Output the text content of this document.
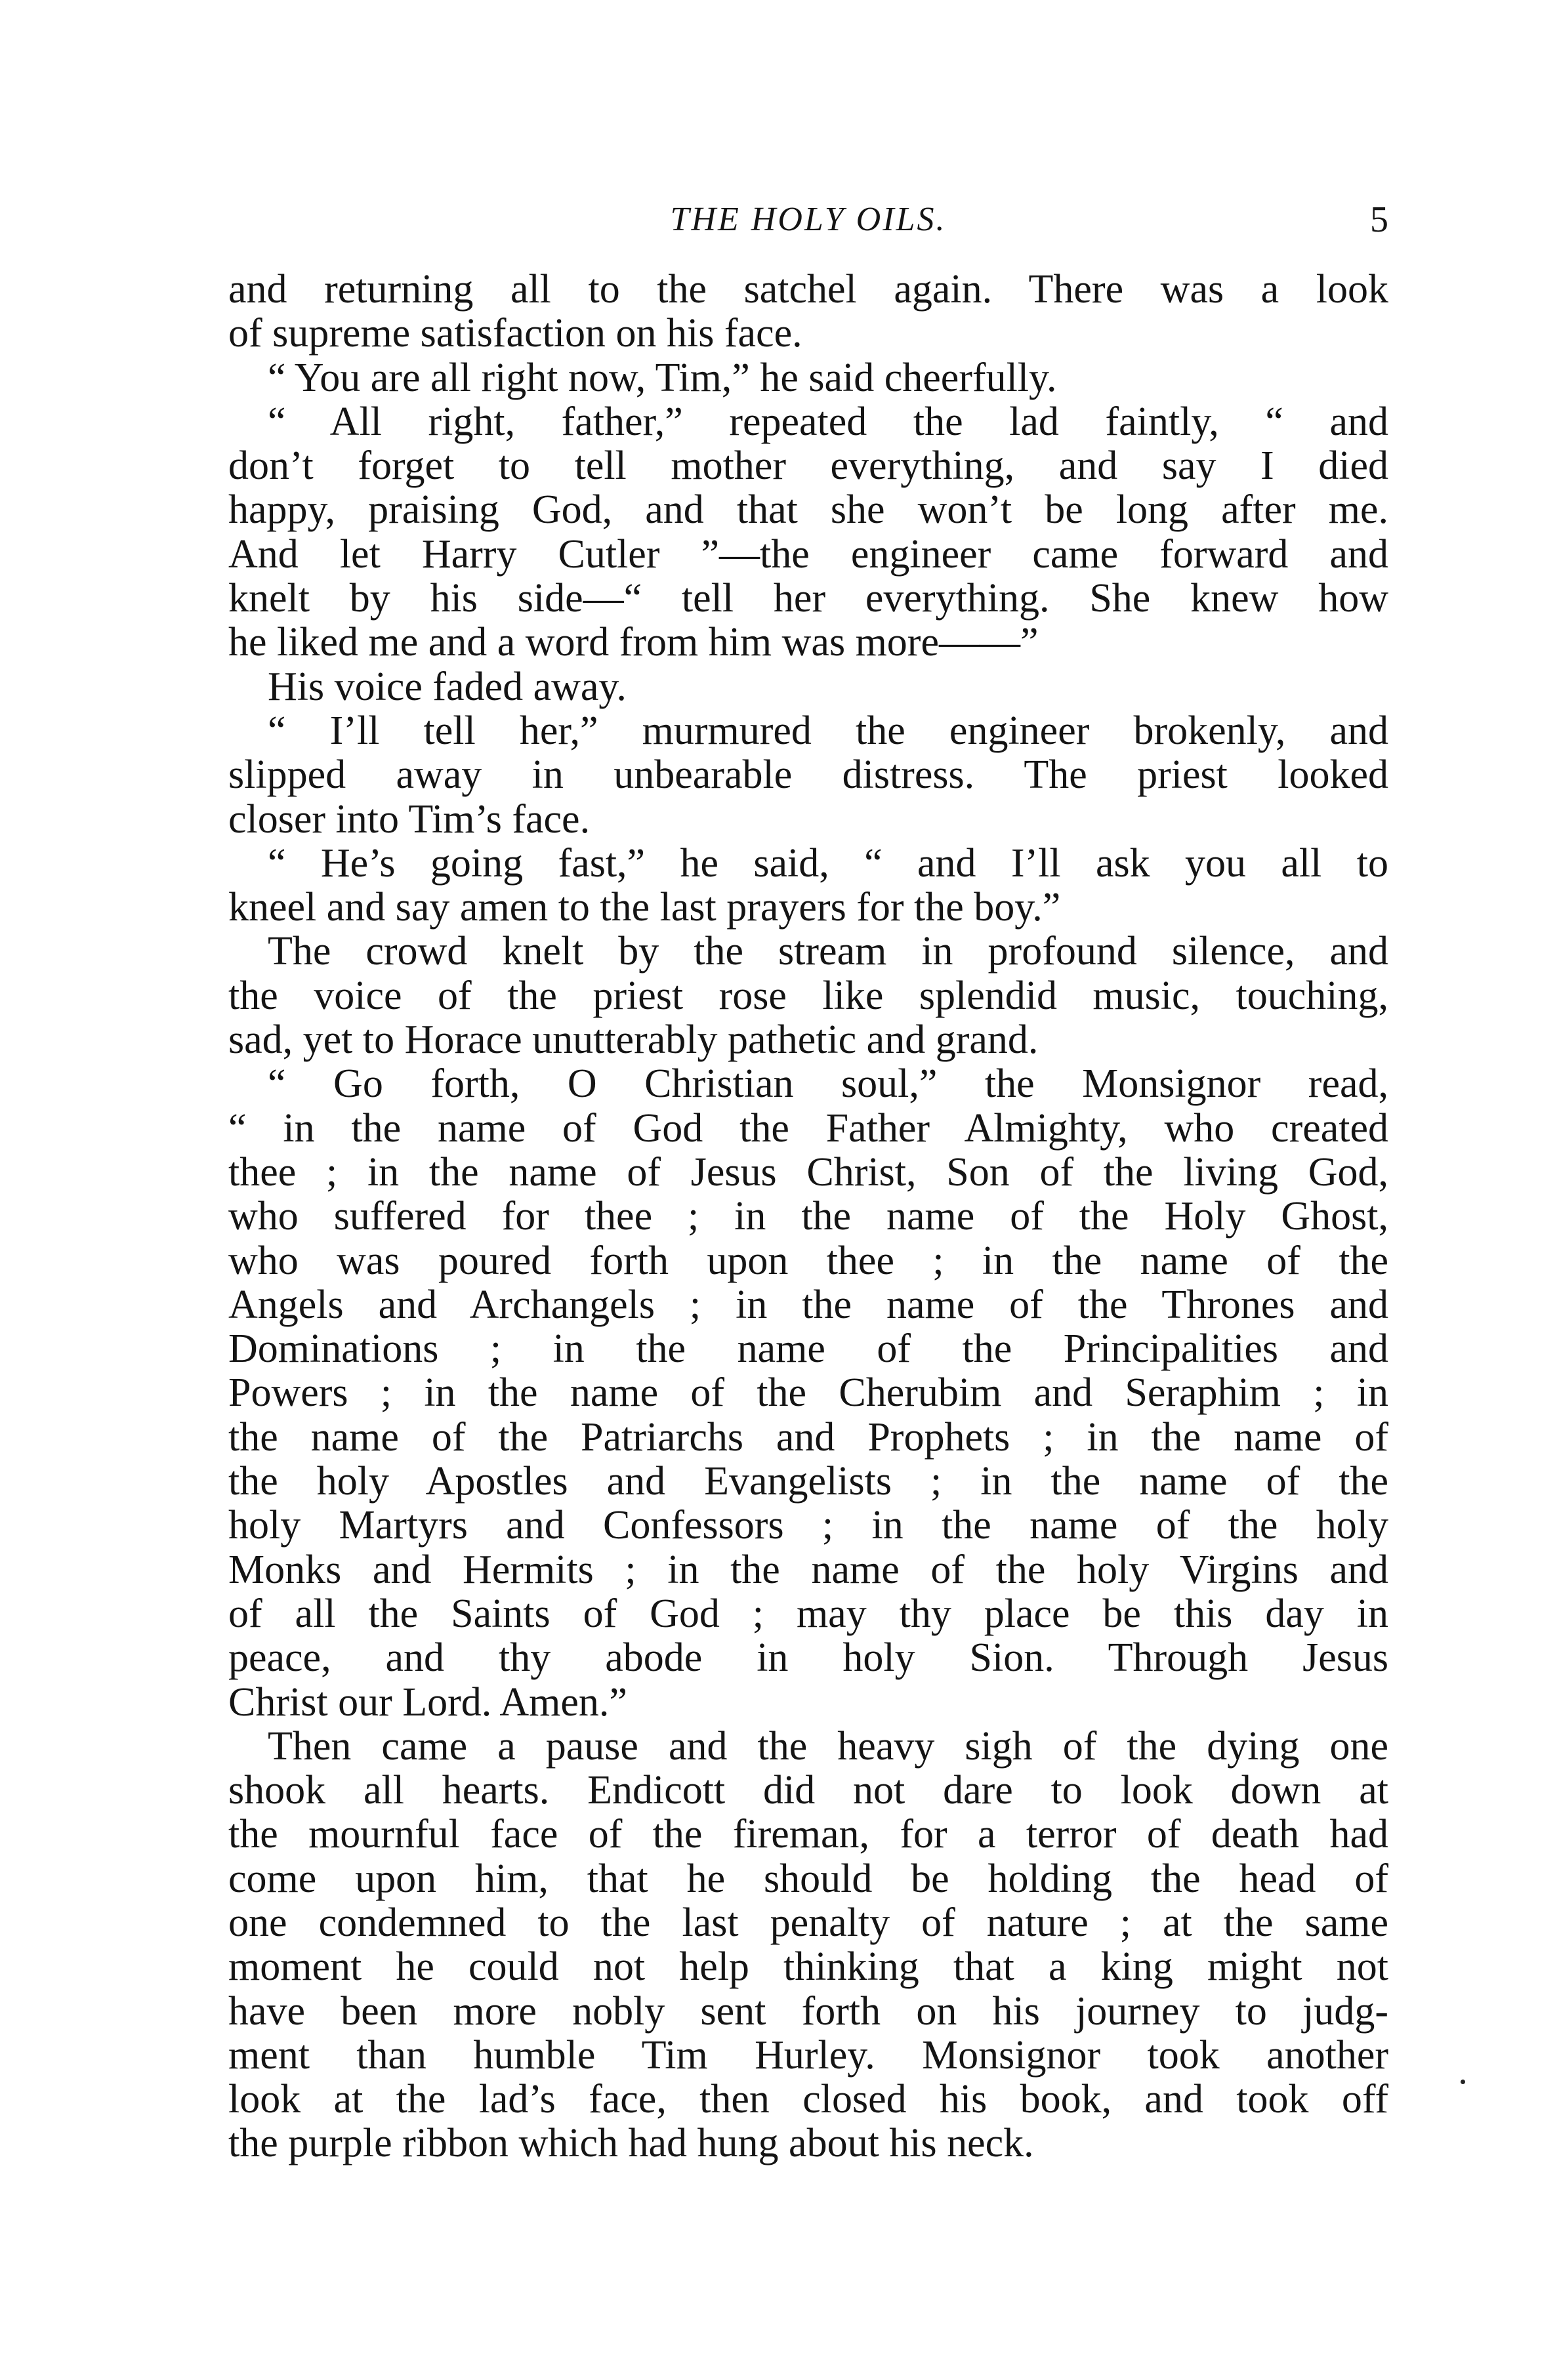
THE HOLY OILS.	5
and returning all to the satchel again. There was a look
of supreme satisfaction on his face.
“ You are all right now, Tim,” he said cheerfully.
“ All right, father,” repeated the lad faintly, “ and
don’t forget to tell mother everything, and say I died
happy, praising God, and that she won’t be long after me.
And let Harry Cutler ”—the engineer came forward and
knelt by his side—“ tell her everything. She knew how
he liked me and a word from him was more——”
His voice faded away.
“ I’ll tell her,” murmured the engineer brokenly, and
slipped away in unbearable distress. The priest looked
closer into Tim’s face.
“ He’s going fast,” he said, “ and I’ll ask you all to
kneel and say amen to the last prayers for the boy.”
The crowd knelt by the stream in profound silence, and
the voice of the priest rose like splendid music, touching,
sad, yet to Horace unutterably pathetic and grand.
“ Go forth, O Christian soul,” the Monsignor read,
“ in the name of God the Father Almighty, who created
thee ; in the name of Jesus Christ, Son of the living God,
who suffered for thee ; in the name of the Holy Ghost,
who was poured forth upon thee ; in the name of the
Angels and Archangels ; in the name of the Thrones and
Dominations ; in the name of the Principalities and
Powers ; in the name of the Cherubim and Seraphim ; in
the name of the Patriarchs and Prophets ; in the name of
the holy Apostles and Evangelists ; in the name of the
holy Martyrs and Confessors ; in the name of the holy
Monks and Hermits ; in the name of the holy Virgins and
of all the Saints of God ; may thy place be this day in
peace, and thy abode in holy Sion. Through Jesus
Christ our Lord. Amen.”
Then came a pause and the heavy sigh of the dying one
shook all hearts. Endicott did not dare to look down at
the mournful face of the fireman, for a terror of death had
come upon him, that he should be holding the head of
one condemned to the last penalty of nature ; at the same
moment he could not help thinking that a king might not
have been more nobly sent forth on his journey to judg-
ment than humble Tim Hurley. Monsignor took another
look at the lad’s face, then closed his book, and took off
the purple ribbon which had hung about his neck.
